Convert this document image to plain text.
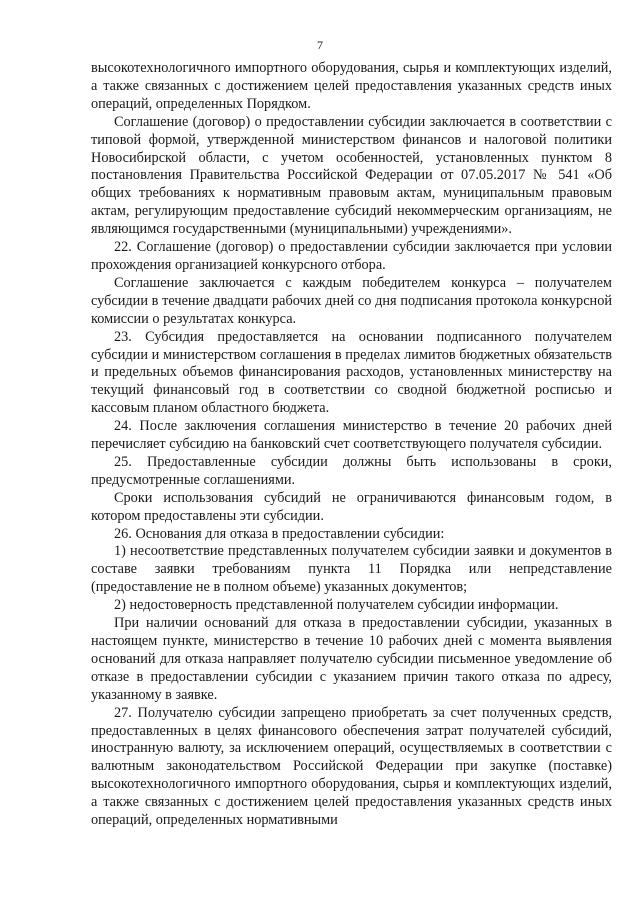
7

высокотехнологичного импортного оборудования, сырья и комплектующих изделий, а также связанных с достижением целей предоставления указанных средств иных операций, определенных Порядком.

Соглашение (договор) о предоставлении субсидии заключается в соответствии с типовой формой, утвержденной министерством финансов и налоговой политики Новосибирской области, с учетом особенностей, установленных пунктом 8 постановления Правительства Российской Федерации от 07.05.2017 № 541 «Об общих требованиях к нормативным правовым актам, муниципальным правовым актам, регулирующим предоставление субсидий некоммерческим организациям, не являющимся государственными (муниципальными) учреждениями».

22. Соглашение (договор) о предоставлении субсидии заключается при условии прохождения организацией конкурсного отбора.

Соглашение заключается с каждым победителем конкурса – получателем субсидии в течение двадцати рабочих дней со дня подписания протокола конкурсной комиссии о результатах конкурса.

23. Субсидия предоставляется на основании подписанного получателем субсидии и министерством соглашения в пределах лимитов бюджетных обязательств и предельных объемов финансирования расходов, установленных министерству на текущий финансовый год в соответствии со сводной бюджетной росписью и кассовым планом областного бюджета.

24. После заключения соглашения министерство в течение 20 рабочих дней перечисляет субсидию на банковский счет соответствующего получателя субсидии.

25. Предоставленные субсидии должны быть использованы в сроки, предусмотренные соглашениями.

Сроки использования субсидий не ограничиваются финансовым годом, в котором предоставлены эти субсидии.

26. Основания для отказа в предоставлении субсидии:

1) несоответствие представленных получателем субсидии заявки и документов в составе заявки требованиям пункта 11 Порядка или непредставление (предоставление не в полном объеме) указанных документов;

2) недостоверность представленной получателем субсидии информации.

При наличии оснований для отказа в предоставлении субсидии, указанных в настоящем пункте, министерство в течение 10 рабочих дней с момента выявления оснований для отказа направляет получателю субсидии письменное уведомление об отказе в предоставлении субсидии с указанием причин такого отказа по адресу, указанному в заявке.

27. Получателю субсидии запрещено приобретать за счет полученных средств, предоставленных в целях финансового обеспечения затрат получателей субсидий, иностранную валюту, за исключением операций, осуществляемых в соответствии с валютным законодательством Российской Федерации при закупке (поставке) высокотехнологичного импортного оборудования, сырья и комплектующих изделий, а также связанных с достижением целей предоставления указанных средств иных операций, определенных нормативными
